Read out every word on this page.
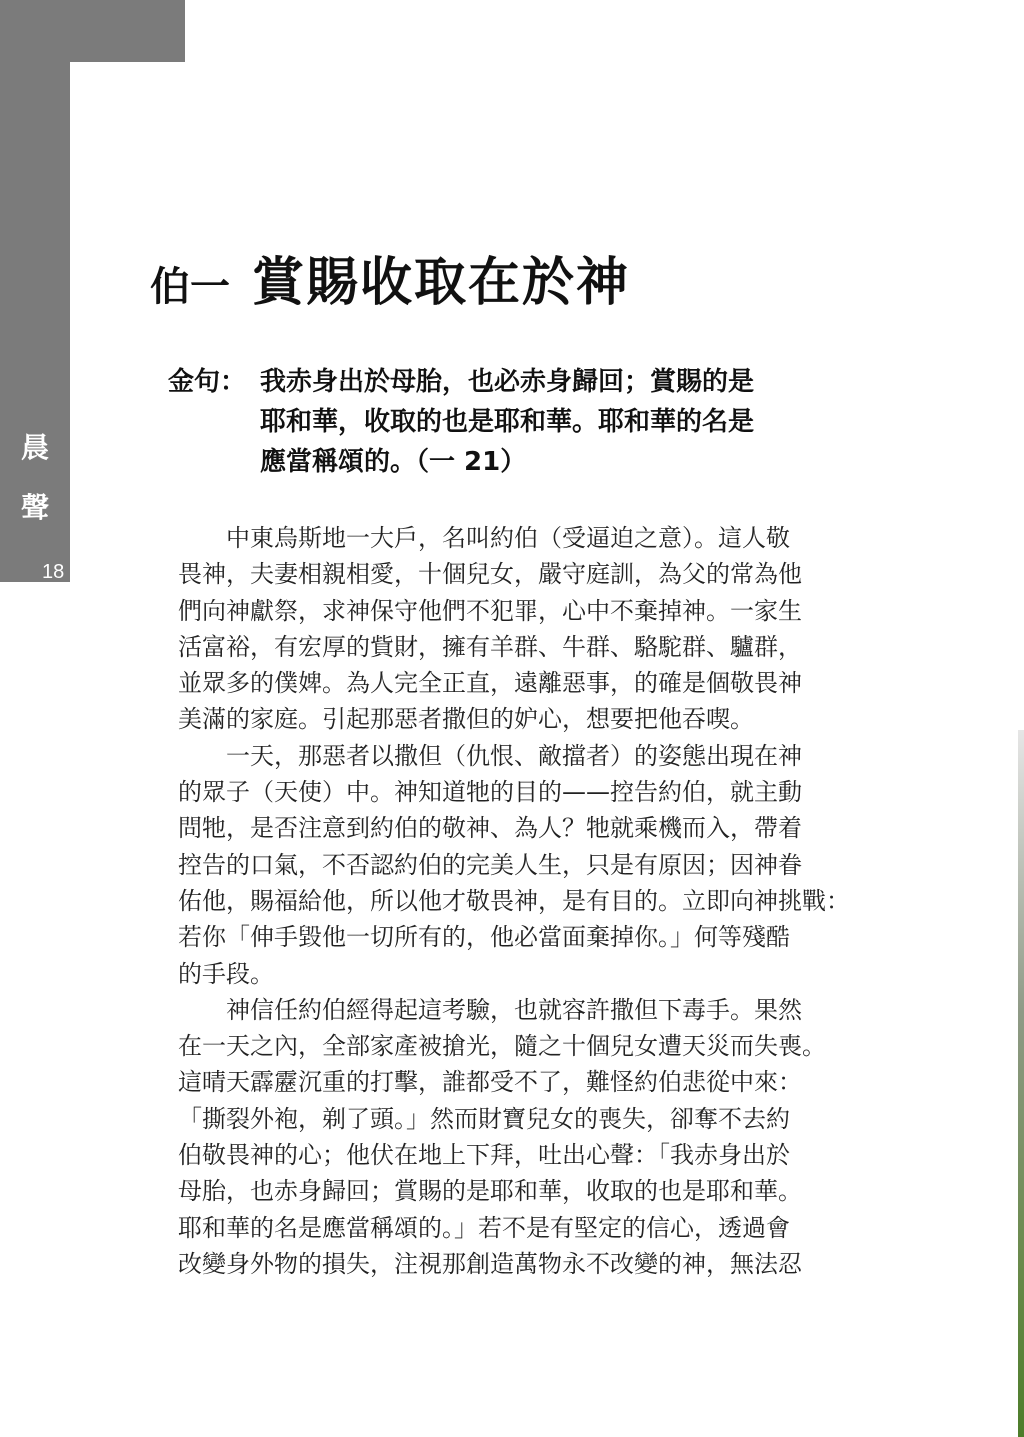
晨
聲
18
伯一 賞賜收取在於神
金句： 我赤身出於母胎，也必赤身歸回；賞賜的是
耶和華，收取的也是耶和華。耶和華的名是
應當稱頌的。（一 21）

　　中東烏斯地一大戶，名叫約伯（受逼迫之意）。這人敬
畏神，夫妻相親相愛，十個兒女，嚴守庭訓，為父的常為他
們向神獻祭，求神保守他們不犯罪，心中不棄掉神。一家生
活富裕，有宏厚的貲財，擁有羊群、牛群、駱駝群、驢群，
並眾多的僕婢。為人完全正直，遠離惡事，的確是個敬畏神
美滿的家庭。引起那惡者撒但的妒心，想要把他吞喫。

　　一天，那惡者以撒但（仇恨、敵擋者）的姿態出現在神
的眾子（天使）中。神知道牠的目的——控告約伯，就主動
問牠，是否注意到約伯的敬神、為人？牠就乘機而入，帶着
控告的口氣，不否認約伯的完美人生，只是有原因；因神眷
佑他，賜福給他，所以他才敬畏神，是有目的。立即向神挑戰：
若你「伸手毀他一切所有的，他必當面棄掉你。」何等殘酷
的手段。

　　神信任約伯經得起這考驗，也就容許撒但下毒手。果然
在一天之內，全部家產被搶光，隨之十個兒女遭天災而失喪。
這晴天霹靂沉重的打擊，誰都受不了，難怪約伯悲從中來：
「撕裂外袍，剃了頭。」然而財寶兒女的喪失，卻奪不去約
伯敬畏神的心；他伏在地上下拜，吐出心聲：「我赤身出於
母胎，也赤身歸回；賞賜的是耶和華，收取的也是耶和華。
耶和華的名是應當稱頌的。」若不是有堅定的信心，透過會
改變身外物的損失，注視那創造萬物永不改變的神，無法忍
